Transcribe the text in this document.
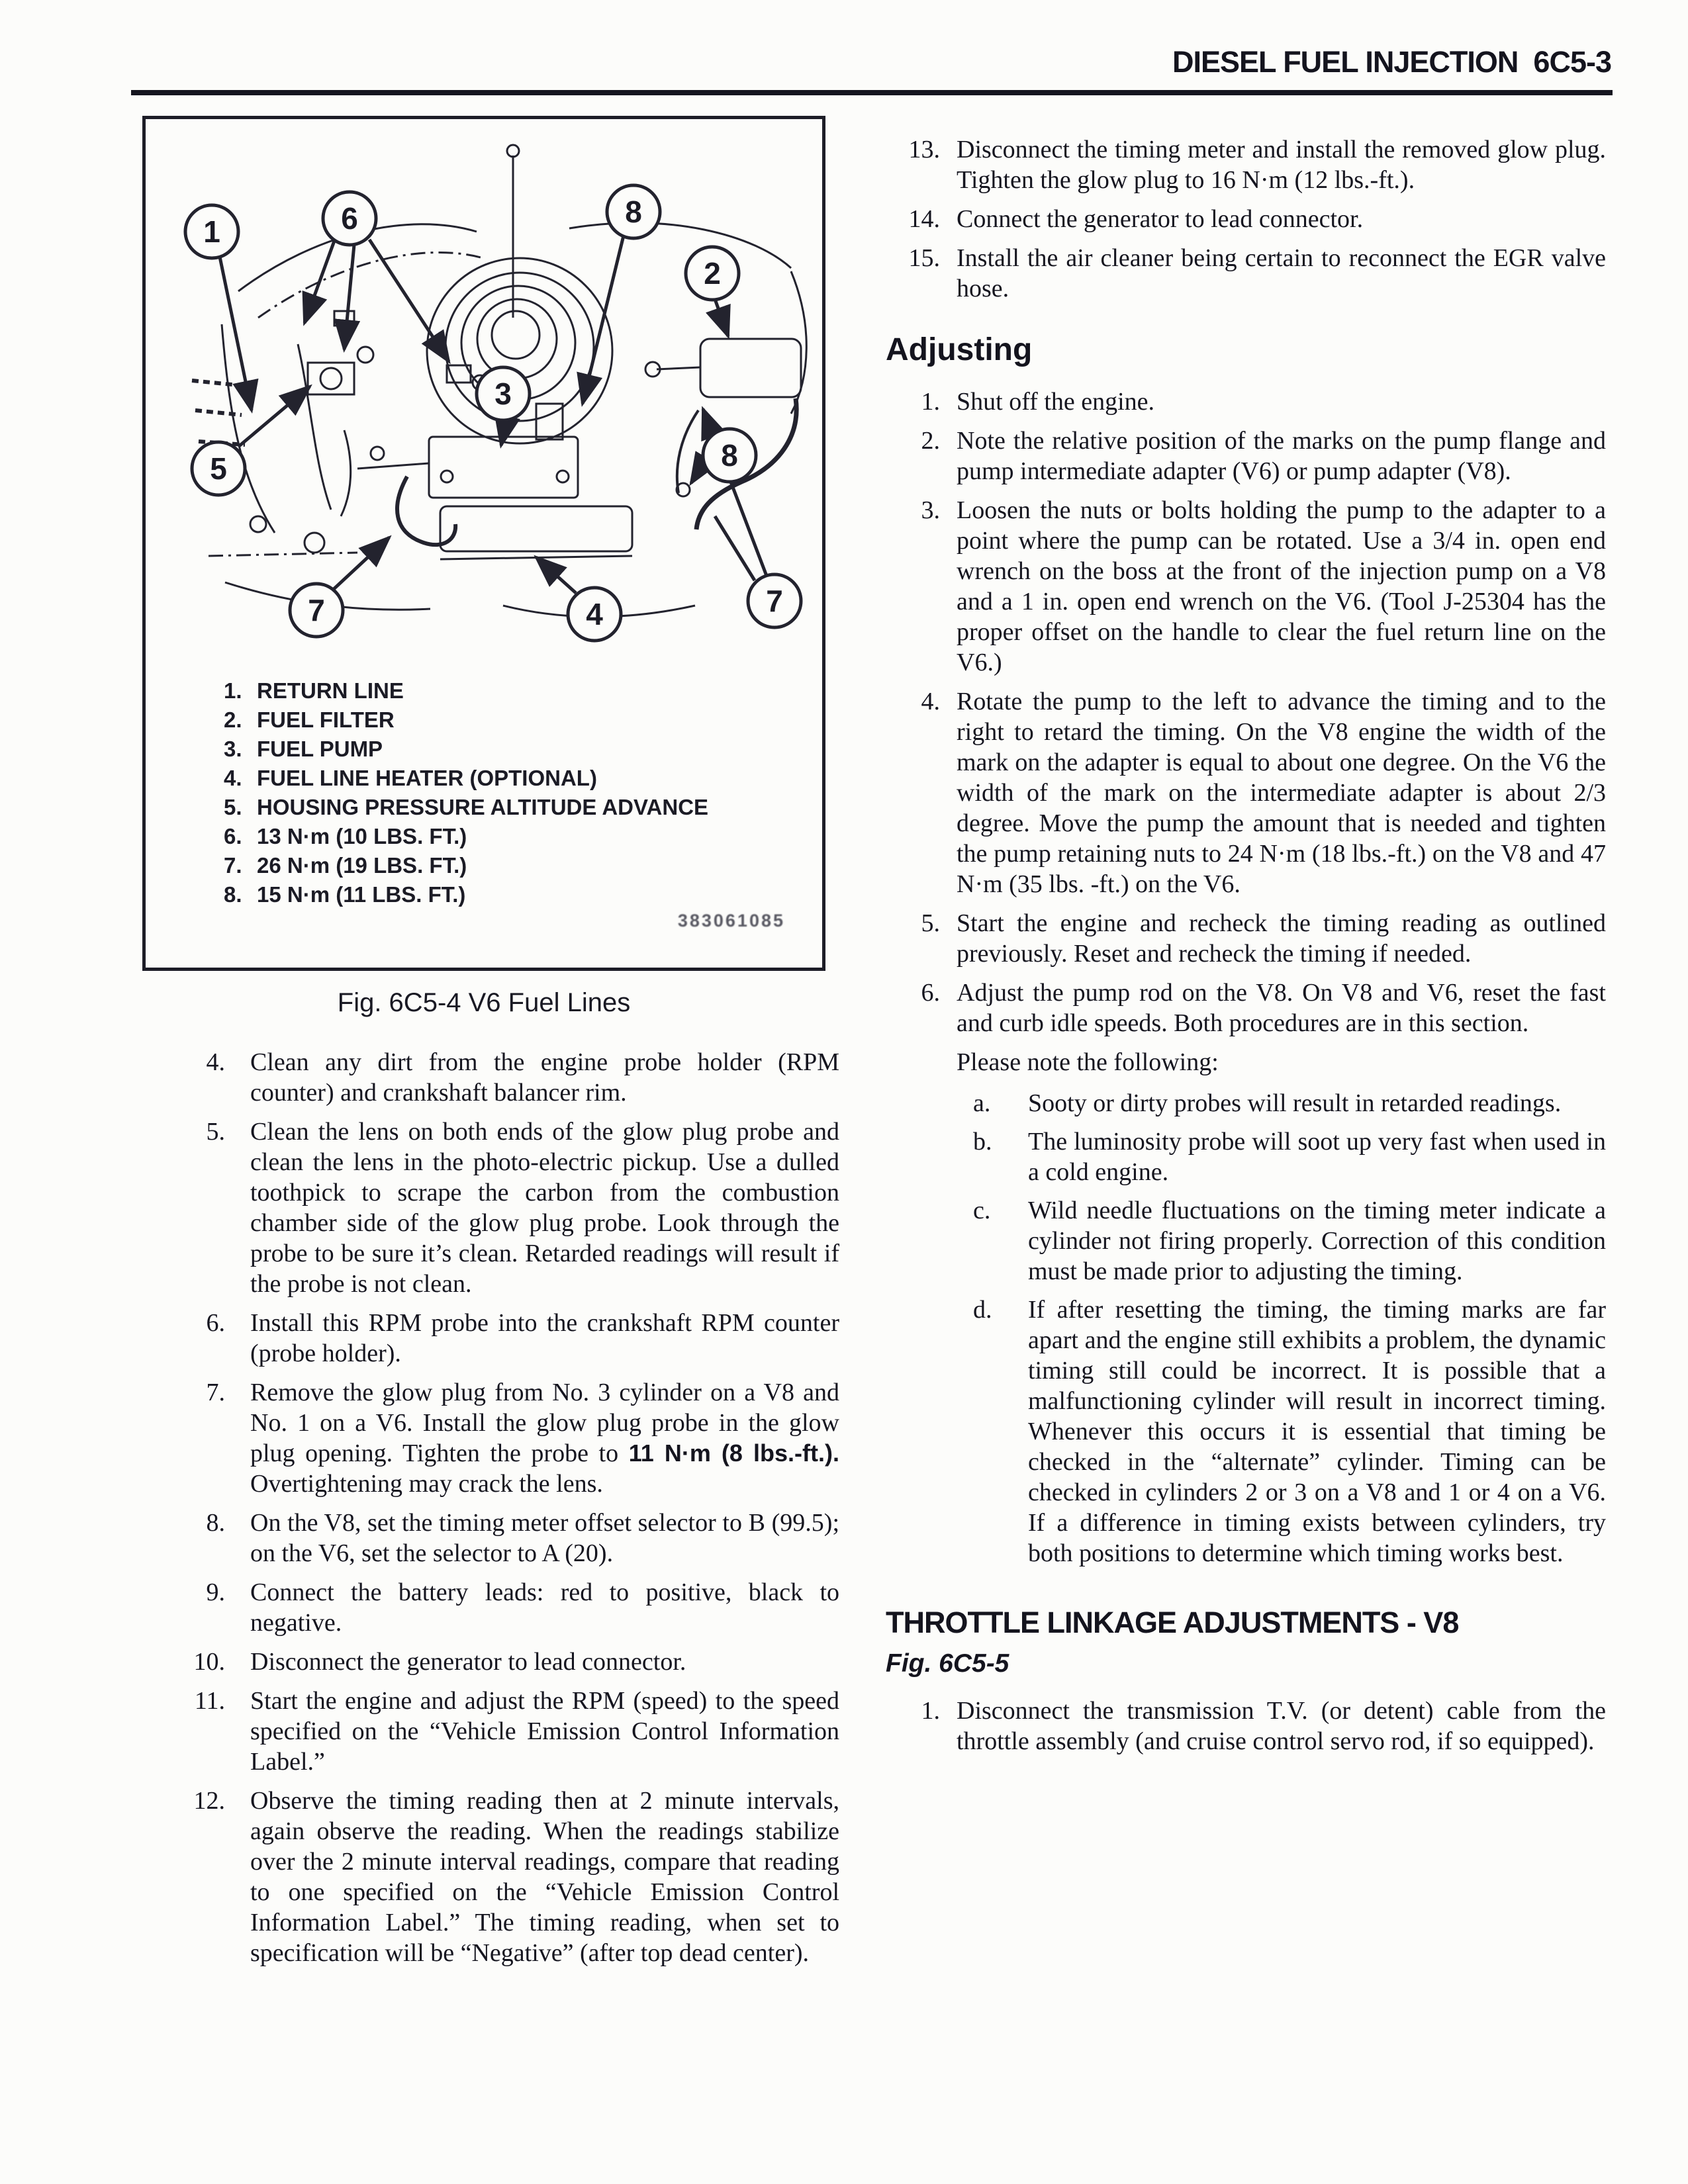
DIESEL FUEL INJECTION 6C5-3
1	6	8
2
5
3
8
7	4	7
1. RETURN LINE
2. FUEL FILTER
3. FUEL PUMP
4. FUEL LINE HEATER (OPTIONAL)
5. HOUSING PRESSURE ALTITUDE ADVANCE
6. 13 N·m (10 LBS. FT.)
7. 26 N·m (19 LBS. FT.)
8. 15 N·m (11 LBS. FT.)
383061085
Fig. 6C5-4 V6 Fuel Lines
4. Clean any dirt from the engine probe holder (RPM counter) and crankshaft balancer rim.
5. Clean the lens on both ends of the glow plug probe and clean the lens in the photo-electric pickup. Use a dulled toothpick to scrape the carbon from the combustion chamber side of the glow plug probe. Look through the probe to be sure it’s clean. Retarded readings will result if the probe is not clean.
6. Install this RPM probe into the crankshaft RPM counter (probe holder).
7. Remove the glow plug from No. 3 cylinder on a V8 and No. 1 on a V6. Install the glow plug probe in the glow plug opening. Tighten the probe to 11 N·m (8 lbs.-ft.). Overtightening may crack the lens.
8. On the V8, set the timing meter offset selector to B (99.5); on the V6, set the selector to A (20).
9. Connect the battery leads: red to positive, black to negative.
10. Disconnect the generator to lead connector.
11. Start the engine and adjust the RPM (speed) to the speed specified on the “Vehicle Emission Control Information Label.”
12. Observe the timing reading then at 2 minute intervals, again observe the reading. When the readings stabilize over the 2 minute interval readings, compare that reading to one specified on the “Vehicle Emission Control Information Label.” The timing reading, when set to specification will be “Negative” (after top dead center).
13. Disconnect the timing meter and install the removed glow plug. Tighten the glow plug to 16 N·m (12 lbs.-ft.).
14. Connect the generator to lead connector.
15. Install the air cleaner being certain to reconnect the EGR valve hose.
Adjusting
1. Shut off the engine.
2. Note the relative position of the marks on the pump flange and pump intermediate adapter (V6) or pump adapter (V8).
3. Loosen the nuts or bolts holding the pump to the adapter to a point where the pump can be rotated. Use a 3/4 in. open end wrench on the boss at the front of the injection pump on a V8 and a 1 in. open end wrench on the V6. (Tool J-25304 has the proper offset on the handle to clear the fuel return line on the V6.)
4. Rotate the pump to the left to advance the timing and to the right to retard the timing. On the V8 engine the width of the mark on the adapter is equal to about one degree. On the V6 the width of the mark on the intermediate adapter is about 2/3 degree. Move the pump the amount that is needed and tighten the pump retaining nuts to 24 N·m (18 lbs.-ft.) on the V8 and 47 N·m (35 lbs. -ft.) on the V6.
5. Start the engine and recheck the timing reading as outlined previously. Reset and recheck the timing if needed.
6. Adjust the pump rod on the V8. On V8 and V6, reset the fast and curb idle speeds. Both procedures are in this section.
Please note the following:
a.	Sooty or dirty probes will result in retarded readings.
b.	The luminosity probe will soot up very fast when used in a cold engine.
c.	Wild needle fluctuations on the timing meter indicate a cylinder not firing properly. Correction of this condition must be made prior to adjusting the timing.
d.	If after resetting the timing, the timing marks are far apart and the engine still exhibits a problem, the dynamic timing still could be incorrect. It is possible that a malfunctioning cylinder will result in incorrect timing. Whenever this occurs it is essential that timing be checked in the “alternate” cylinder. Timing can be checked in cylinders 2 or 3 on a V8 and 1 or 4 on a V6. If a difference in timing exists between cylinders, try both positions to determine which timing works best.
THROTTLE LINKAGE ADJUSTMENTS - V8
Fig. 6C5-5
1. Disconnect the transmission T.V. (or detent) cable from the throttle assembly (and cruise control servo rod, if so equipped).
